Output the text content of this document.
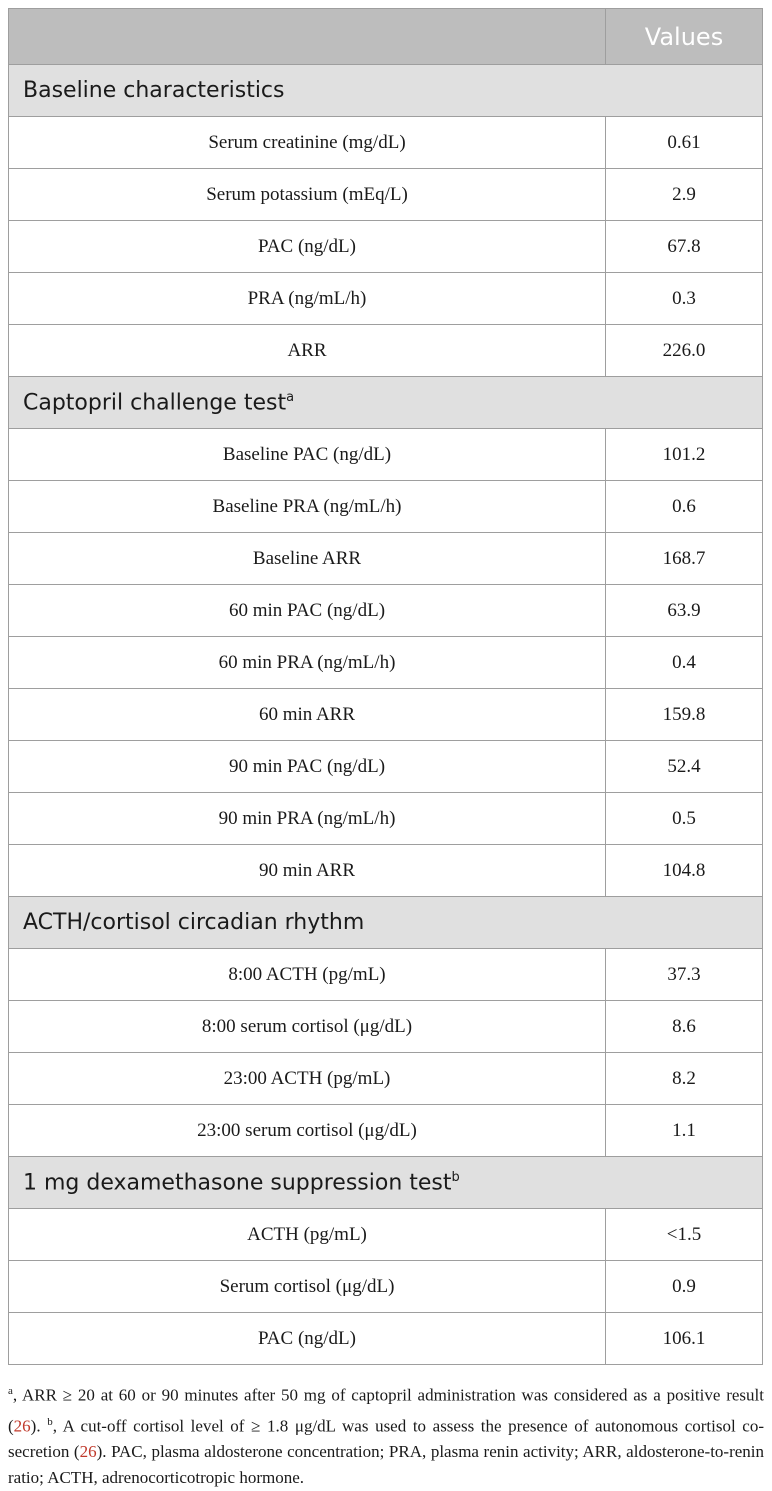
	Values
Baseline characteristics	
Serum creatinine (mg/dL)	0.61
Serum potassium (mEq/L)	2.9
PAC (ng/dL)	67.8
PRA (ng/mL/h)	0.3
ARR	226.0
Captopril challenge test$^a$
Baseline PAC (ng/dL)	101.2
Baseline PRA (ng/mL/h)	0.6
Baseline ARR	168.7
60 min PAC (ng/dL)	63.9
60 min PRA (ng/mL/h)	0.4
60 min ARR	159.8
90 min PAC (ng/dL)	52.4
90 min PRA (ng/mL/h)	0.5
90 min ARR	104.8
ACTH/cortisol circadian rhythm	
8:00 ACTH (pg/mL)	37.3
8:00 serum cortisol (μg/dL)	8.6
23:00 ACTH (pg/mL)	8.2
23:00 serum cortisol (μg/dL)	1.1
1 mg dexamethasone suppression test$^b$
ACTH (pg/mL)	<1.5
Serum cortisol (μg/dL)	0.9
PAC (ng/dL)	106.1
$^a$, ARR ≥ 20 at 60 or 90 minutes after 50 mg of captopril administration was considered as a positive result (26). $^b$, A cut-off cortisol level of ≥ 1.8 μg/dL was used to assess the presence of autonomous cortisol co-secretion (26). PAC, plasma aldosterone concentration; PRA, plasma renin activity; ARR, aldosterone-to-renin ratio; ACTH, adrenocorticotropic hormone.
